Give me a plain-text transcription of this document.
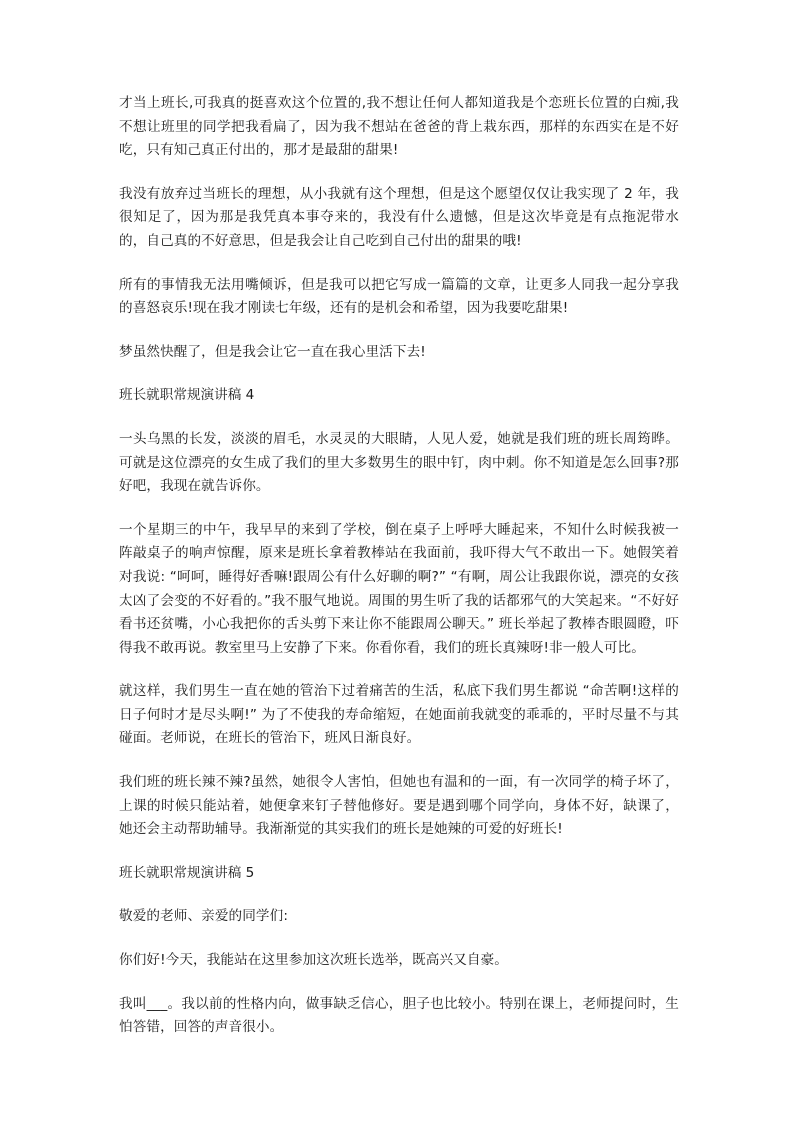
才当上班长,可我真的挺喜欢这个位置的,我不想让任何人都知道我是个恋班长位置的白痴,我不想让班里的同学把我看扁了，因为我不想站在爸爸的背上栽东西，那样的东西实在是不好吃，只有知己真正付出的，那才是最甜的甜果!

我没有放弃过当班长的理想，从小我就有这个理想，但是这个愿望仅仅让我实现了 2 年，我很知足了，因为那是我凭真本事夺来的，我没有什么遗憾，但是这次毕竟是有点拖泥带水的，自己真的不好意思，但是我会让自己吃到自己付出的甜果的哦!

所有的事情我无法用嘴倾诉，但是我可以把它写成一篇篇的文章，让更多人同我一起分享我的喜怒哀乐!现在我才刚读七年级，还有的是机会和希望，因为我要吃甜果!

梦虽然快醒了，但是我会让它一直在我心里活下去!

班长就职常规演讲稿 4

一头乌黑的长发，淡淡的眉毛，水灵灵的大眼睛，人见人爱，她就是我们班的班长周筠晔。可就是这位漂亮的女生成了我们的里大多数男生的眼中钉，肉中刺。你不知道是怎么回事?那好吧，我现在就告诉你。

一个星期三的中午，我早早的来到了学校，倒在桌子上呼呼大睡起来，不知什么时候我被一阵敲桌子的响声惊醒，原来是班长拿着教棒站在我面前，我吓得大气不敢出一下。她假笑着对我说: “呵呵，睡得好香嘛!跟周公有什么好聊的啊?” “有啊，周公让我跟你说，漂亮的女孩太凶了会变的不好看的。”我不服气地说。周围的男生听了我的话都邪气的大笑起来。“不好好看书还贫嘴，小心我把你的舌头剪下来让你不能跟周公聊天。” 班长举起了教棒杏眼圆瞪，吓得我不敢再说。教室里马上安静了下来。你看你看，我们的班长真辣呀!非一般人可比。

就这样，我们男生一直在她的管治下过着痛苦的生活，私底下我们男生都说 “命苦啊!这样的日子何时才是尽头啊!” 为了不使我的寿命缩短，在她面前我就变的乖乖的，平时尽量不与其碰面。老师说，在班长的管治下，班风日渐良好。

我们班的班长辣不辣?虽然，她很令人害怕，但她也有温和的一面，有一次同学的椅子坏了，上课的时候只能站着，她便拿来钉子替他修好。要是遇到哪个同学向，身体不好，缺课了，她还会主动帮助辅导。我渐渐觉的其实我们的班长是她辣的可爱的好班长!

班长就职常规演讲稿 5

敬爱的老师、亲爱的同学们:

你们好!今天，我能站在这里参加这次班长选举，既高兴又自豪。

我叫___。我以前的性格内向，做事缺乏信心，胆子也比较小。特别在课上，老师提问时，生怕答错，回答的声音很小。
